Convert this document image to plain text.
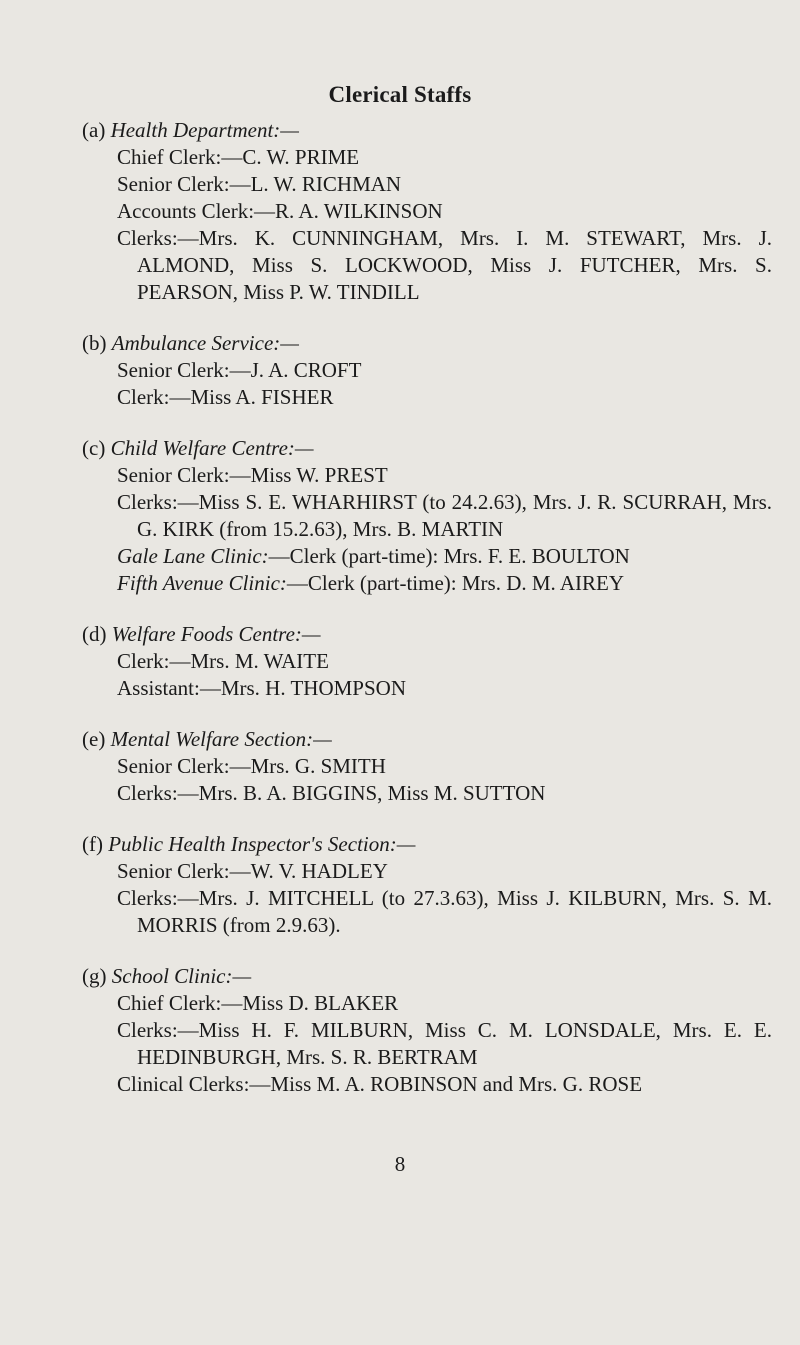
Clerical Staffs
(a) Health Department:—
Chief Clerk:—C. W. PRIME
Senior Clerk:—L. W. RICHMAN
Accounts Clerk:—R. A. WILKINSON
Clerks:—Mrs. K. CUNNINGHAM, Mrs. I. M. STEWART, Mrs. J. ALMOND, Miss S. LOCKWOOD, Miss J. FUTCHER, Mrs. S. PEARSON, Miss P. W. TINDILL
(b) Ambulance Service:—
Senior Clerk:—J. A. CROFT
Clerk:—Miss A. FISHER
(c) Child Welfare Centre:—
Senior Clerk:—Miss W. PREST
Clerks:—Miss S. E. WHARHIRST (to 24.2.63), Mrs. J. R. SCURRAH, Mrs. G. KIRK (from 15.2.63), Mrs. B. MARTIN
Gale Lane Clinic:—Clerk (part-time): Mrs. F. E. BOULTON
Fifth Avenue Clinic:—Clerk (part-time): Mrs. D. M. AIREY
(d) Welfare Foods Centre:—
Clerk:—Mrs. M. WAITE
Assistant:—Mrs. H. THOMPSON
(e) Mental Welfare Section:—
Senior Clerk:—Mrs. G. SMITH
Clerks:—Mrs. B. A. BIGGINS, Miss M. SUTTON
(f) Public Health Inspector's Section:—
Senior Clerk:—W. V. HADLEY
Clerks:—Mrs. J. MITCHELL (to 27.3.63), Miss J. KILBURN, Mrs. S. M. MORRIS (from 2.9.63).
(g) School Clinic:—
Chief Clerk:—Miss D. BLAKER
Clerks:—Miss H. F. MILBURN, Miss C. M. LONSDALE, Mrs. E. E. HEDINBURGH, Mrs. S. R. BERTRAM
Clinical Clerks:—Miss M. A. ROBINSON and Mrs. G. ROSE
8
